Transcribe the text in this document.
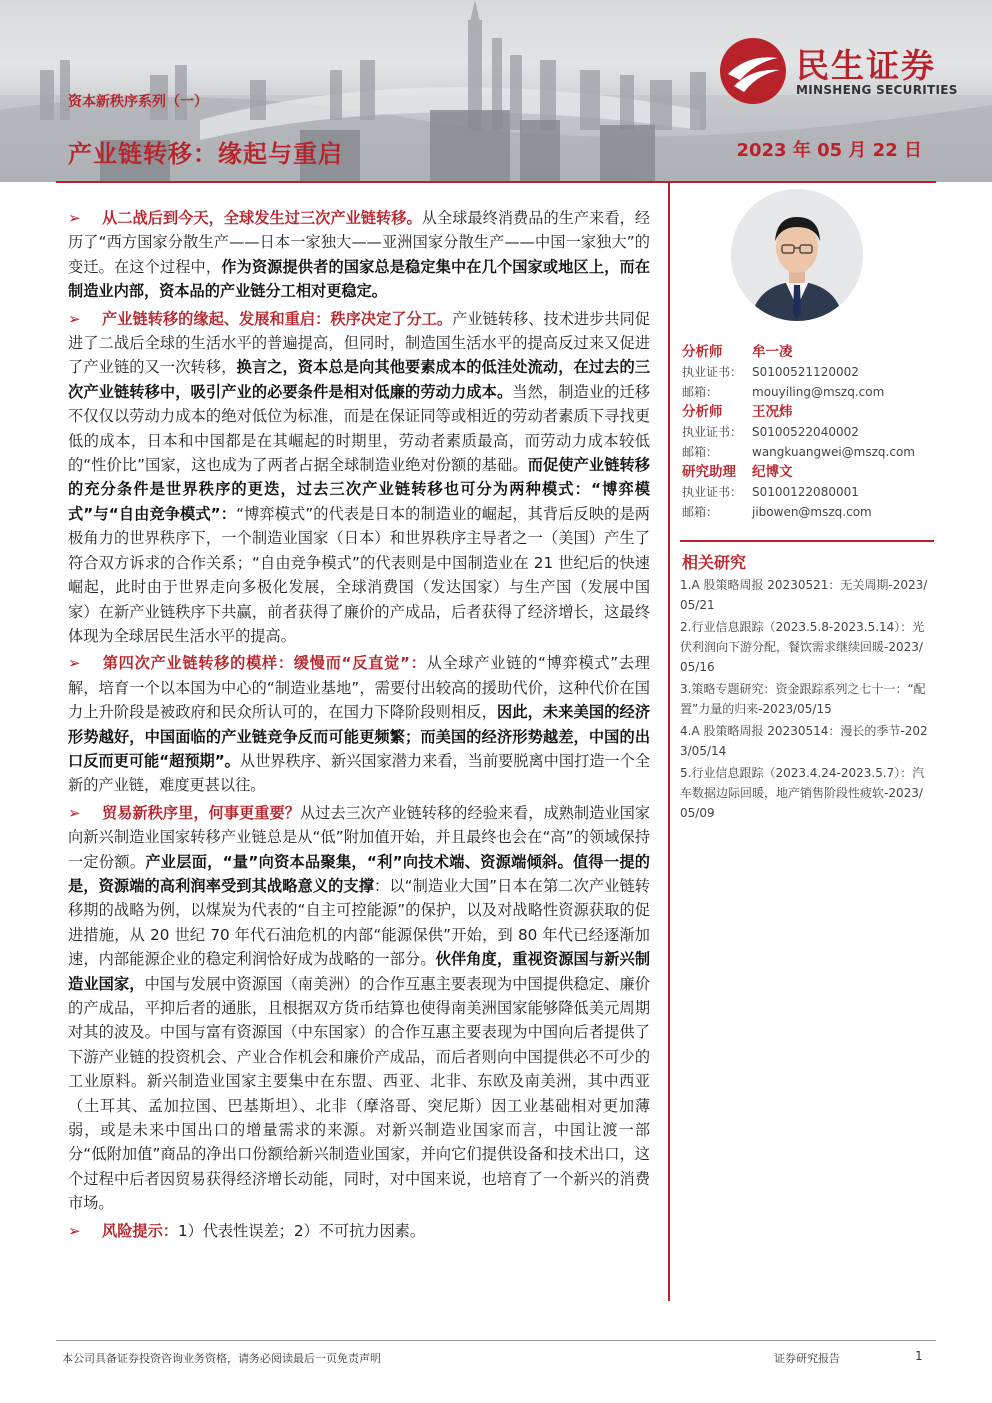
资本新秩序系列（一）
产业链转移：缘起与重启	2023 年 05 月 22 日
民生证券
MINSHENG SECURITIES

➢ 从二战后到今天，全球发生过三次产业链转移。从全球最终消费品的生产来看，经历了“西方国家分散生产——日本一家独大——亚洲国家分散生产——中国一家独大”的变迁。在这个过程中，作为资源提供者的国家总是稳定集中在几个国家或地区上，而在制造业内部，资本品的产业链分工相对更稳定。

➢ 产业链转移的缘起、发展和重启：秩序决定了分工。产业链转移、技术进步共同促进了二战后全球的生活水平的普遍提高，但同时，制造国生活水平的提高反过来又促进了产业链的又一次转移，换言之，资本总是向其他要素成本的低洼处流动，在过去的三次产业链转移中，吸引产业的必要条件是相对低廉的劳动力成本。当然，制造业的迁移不仅仅以劳动力成本的绝对低位为标准，而是在保证同等或相近的劳动者素质下寻找更低的成本，日本和中国都是在其崛起的时期里，劳动者素质最高，而劳动力成本较低的“性价比”国家，这也成为了两者占据全球制造业绝对份额的基础。而促使产业链转移的充分条件是世界秩序的更迭，过去三次产业链转移也可分为两种模式：“博弈模式”与“自由竞争模式”：“博弈模式”的代表是日本的制造业的崛起，其背后反映的是两极角力的世界秩序下，一个制造业国家（日本）和世界秩序主导者之一（美国）产生了符合双方诉求的合作关系；“自由竞争模式”的代表则是中国制造业在 21 世纪后的快速崛起，此时由于世界走向多极化发展，全球消费国（发达国家）与生产国（发展中国家）在新产业链秩序下共赢，前者获得了廉价的产成品，后者获得了经济增长，这最终体现为全球居民生活水平的提高。

➢ 第四次产业链转移的模样：缓慢而“反直觉”：从全球产业链的“博弈模式”去理解，培育一个以本国为中心的“制造业基地”，需要付出较高的援助代价，这种代价在国力上升阶段是被政府和民众所认可的，在国力下降阶段则相反，因此，未来美国的经济形势越好，中国面临的产业链竞争反而可能更频繁；而美国的经济形势越差，中国的出口反而更可能“超预期”。从世界秩序、新兴国家潜力来看，当前要脱离中国打造一个全新的产业链，难度更甚以往。

➢ 贸易新秩序里，何事更重要？从过去三次产业链转移的经验来看，成熟制造业国家向新兴制造业国家转移产业链总是从“低”附加值开始，并且最终也会在“高”的领域保持一定份额。产业层面，“量”向资本品聚集，“利”向技术端、资源端倾斜。值得一提的是，资源端的高利润率受到其战略意义的支撑：以“制造业大国”日本在第二次产业链转移期的战略为例，以煤炭为代表的“自主可控能源”的保护，以及对战略性资源获取的促进措施，从 20 世纪 70 年代石油危机的内部“能源保供”开始，到 80 年代已经逐渐加速，内部能源企业的稳定利润恰好成为战略的一部分。伙伴角度，重视资源国与新兴制造业国家，中国与发展中资源国（南美洲）的合作互惠主要表现为中国提供稳定、廉价的产成品，平抑后者的通胀，且根据双方货币结算也使得南美洲国家能够降低美元周期对其的波及。中国与富有资源国（中东国家）的合作互惠主要表现为中国向后者提供了下游产业链的投资机会、产业合作机会和廉价产成品，而后者则向中国提供必不可少的工业原料。新兴制造业国家主要集中在东盟、西亚、北非、东欧及南美洲，其中西亚（土耳其、孟加拉国、巴基斯坦）、北非（摩洛哥、突尼斯）因工业基础相对更加薄弱，或是未来中国出口的增量需求的来源。对新兴制造业国家而言，中国让渡一部分“低附加值”商品的净出口份额给新兴制造业国家，并向它们提供设备和技术出口，这个过程中后者因贸易获得经济增长动能，同时，对中国来说，也培育了一个新兴的消费市场。

➢ 风险提示：1）代表性误差；2）不可抗力因素。

分析师	牟一凌
执业证书： S0100521120002
邮箱：	mouyiling@mszq.com
分析师	王况炜
执业证书： S0100522040002
邮箱：	wangkuangwei@mszq.com
研究助理	纪博文
执业证书： S0100122080001
邮箱：	jibowen@mszq.com
相关研究
1.A 股策略周报 20230521：无关周期-2023/05/21
2.行业信息跟踪（2023.5.8-2023.5.14）：光伏利润向下游分配，餐饮需求继续回暖-2023/05/16
3.策略专题研究：资金跟踪系列之七十一：“配置”力量的归来-2023/05/15
4.A 股策略周报 20230514：漫长的季节-2023/05/14
5.行业信息跟踪（2023.4.24-2023.5.7）：汽车数据边际回暖，地产销售阶段性疲软-2023/05/09
本公司具备证券投资咨询业务资格，请务必阅读最后一页免责声明	证券研究报告	1
